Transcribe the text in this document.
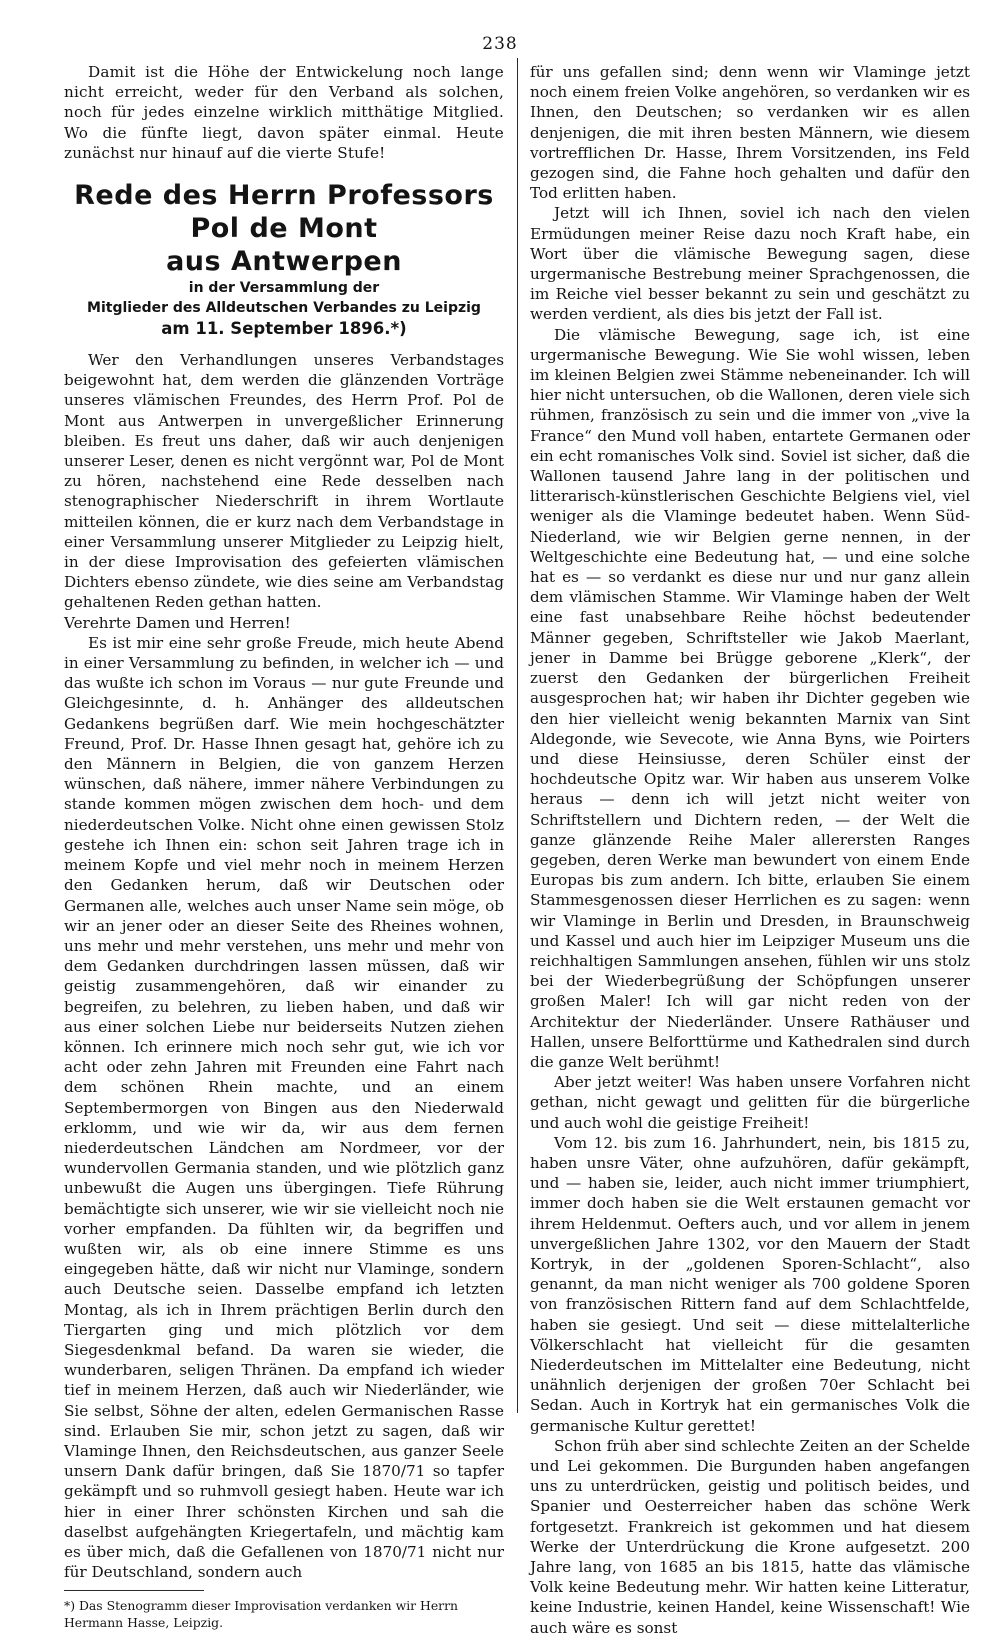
238

Damit ist die Höhe der Entwickelung noch lange nicht erreicht, weder für den Verband als solchen, noch für jedes einzelne wirklich mitthätige Mitglied. Wo die fünfte liegt, davon später einmal. Heute zunächst nur hinauf auf die vierte Stufe!

Rede des Herrn Professors Pol de Mont
aus Antwerpen
in der Versammlung der
Mitglieder des Alldeutschen Verbandes zu Leipzig
am 11. September 1896.*)

Wer den Verhandlungen unseres Verbandstages beigewohnt hat, dem werden die glänzenden Vorträge unseres vlämischen Freundes, des Herrn Prof. Pol de Mont aus Antwerpen in unvergeßlicher Erinnerung bleiben. Es freut uns daher, daß wir auch denjenigen unserer Leser, denen es nicht vergönnt war, Pol de Mont zu hören, nachstehend eine Rede desselben nach stenographischer Niederschrift in ihrem Wortlaute mitteilen können, die er kurz nach dem Verbandstage in einer Versammlung unserer Mitglieder zu Leipzig hielt, in der diese Improvisation des gefeierten vlämischen Dichters ebenso zündete, wie dies seine am Verbandstag gehaltenen Reden gethan hatten.

Verehrte Damen und Herren!

Es ist mir eine sehr große Freude, mich heute Abend in einer Versammlung zu befinden, in welcher ich — und das wußte ich schon im Voraus — nur gute Freunde und Gleichgesinnte, d. h. Anhänger des alldeutschen Gedankens begrüßen darf. Wie mein hochgeschätzter Freund, Prof. Dr. Hasse Ihnen gesagt hat, gehöre ich zu den Männern in Belgien, die von ganzem Herzen wünschen, daß nähere, immer nähere Verbindungen zu stande kommen mögen zwischen dem hoch- und dem niederdeutschen Volke. Nicht ohne einen gewissen Stolz gestehe ich Ihnen ein: schon seit Jahren trage ich in meinem Kopfe und viel mehr noch in meinem Herzen den Gedanken herum, daß wir Deutschen oder Germanen alle, welches auch unser Name sein möge, ob wir an jener oder an dieser Seite des Rheines wohnen, uns mehr und mehr verstehen, uns mehr und mehr von dem Gedanken durchdringen lassen müssen, daß wir geistig zusammengehören, daß wir einander zu begreifen, zu belehren, zu lieben haben, und daß wir aus einer solchen Liebe nur beiderseits Nutzen ziehen können. Ich erinnere mich noch sehr gut, wie ich vor acht oder zehn Jahren mit Freunden eine Fahrt nach dem schönen Rhein machte, und an einem Septembermorgen von Bingen aus den Niederwald erklomm, und wie wir da, wir aus dem fernen niederdeutschen Ländchen am Nordmeer, vor der wundervollen Germania standen, und wie plötzlich ganz unbewußt die Augen uns übergingen. Tiefe Rührung bemächtigte sich unserer, wie wir sie vielleicht noch nie vorher empfanden. Da fühlten wir, da begriffen und wußten wir, als ob eine innere Stimme es uns eingegeben hätte, daß wir nicht nur Vlaminge, sondern auch Deutsche seien. Dasselbe empfand ich letzten Montag, als ich in Ihrem prächtigen Berlin durch den Tiergarten ging und mich plötzlich vor dem Siegesdenkmal befand. Da waren sie wieder, die wunderbaren, seligen Thränen. Da empfand ich wieder tief in meinem Herzen, daß auch wir Niederländer, wie Sie selbst, Söhne der alten, edelen Germanischen Rasse sind. Erlauben Sie mir, schon jetzt zu sagen, daß wir Vlaminge Ihnen, den Reichsdeutschen, aus ganzer Seele unsern Dank dafür bringen, daß Sie 1870/71 so tapfer gekämpft und so ruhmvoll gesiegt haben. Heute war ich hier in einer Ihrer schönsten Kirchen und sah die daselbst aufgehängten Kriegertafeln, und mächtig kam es über mich, daß die Gefallenen von 1870/71 nicht nur für Deutschland, sondern auch

*) Das Stenogramm dieser Improvisation verdanken wir Herrn Hermann Hasse, Leipzig.

für uns gefallen sind; denn wenn wir Vlaminge jetzt noch einem freien Volke angehören, so verdanken wir es Ihnen, den Deutschen; so verdanken wir es allen denjenigen, die mit ihren besten Männern, wie diesem vortrefflichen Dr. Hasse, Ihrem Vorsitzenden, ins Feld gezogen sind, die Fahne hoch gehalten und dafür den Tod erlitten haben.

Jetzt will ich Ihnen, soviel ich nach den vielen Ermüdungen meiner Reise dazu noch Kraft habe, ein Wort über die vlämische Bewegung sagen, diese urgermanische Bestrebung meiner Sprachgenossen, die im Reiche viel besser bekannt zu sein und geschätzt zu werden verdient, als dies bis jetzt der Fall ist.

Die vlämische Bewegung, sage ich, ist eine urgermanische Bewegung. Wie Sie wohl wissen, leben im kleinen Belgien zwei Stämme nebeneinander. Ich will hier nicht untersuchen, ob die Wallonen, deren viele sich rühmen, französisch zu sein und die immer von „vive la France“ den Mund voll haben, entartete Germanen oder ein echt romanisches Volk sind. Soviel ist sicher, daß die Wallonen tausend Jahre lang in der politischen und litterarisch-künstlerischen Geschichte Belgiens viel, viel weniger als die Vlaminge bedeutet haben. Wenn Süd-Niederland, wie wir Belgien gerne nennen, in der Weltgeschichte eine Bedeutung hat, — und eine solche hat es — so verdankt es diese nur und nur ganz allein dem vlämischen Stamme. Wir Vlaminge haben der Welt eine fast unabsehbare Reihe höchst bedeutender Männer gegeben, Schriftsteller wie Jakob Maerlant, jener in Damme bei Brügge geborene „Klerk“, der zuerst den Gedanken der bürgerlichen Freiheit ausgesprochen hat; wir haben ihr Dichter gegeben wie den hier vielleicht wenig bekannten Marnix van Sint Aldegonde, wie Sevecote, wie Anna Byns, wie Poirters und diese Heinsiusse, deren Schüler einst der hochdeutsche Opitz war. Wir haben aus unserem Volke heraus — denn ich will jetzt nicht weiter von Schriftstellern und Dichtern reden, — der Welt die ganze glänzende Reihe Maler allerersten Ranges gegeben, deren Werke man bewundert von einem Ende Europas bis zum andern. Ich bitte, erlauben Sie einem Stammesgenossen dieser Herrlichen es zu sagen: wenn wir Vlaminge in Berlin und Dresden, in Braunschweig und Kassel und auch hier im Leipziger Museum uns die reichhaltigen Sammlungen ansehen, fühlen wir uns stolz bei der Wiederbegrüßung der Schöpfungen unserer großen Maler! Ich will gar nicht reden von der Architektur der Niederländer. Unsere Rathäuser und Hallen, unsere Belforttürme und Kathedralen sind durch die ganze Welt berühmt!

Aber jetzt weiter! Was haben unsere Vorfahren nicht gethan, nicht gewagt und gelitten für die bürgerliche und auch wohl die geistige Freiheit!

Vom 12. bis zum 16. Jahrhundert, nein, bis 1815 zu, haben unsre Väter, ohne aufzuhören, dafür gekämpft, und — haben sie, leider, auch nicht immer triumphiert, immer doch haben sie die Welt erstaunen gemacht vor ihrem Heldenmut. Oefters auch, und vor allem in jenem unvergeßlichen Jahre 1302, vor den Mauern der Stadt Kortryk, in der „goldenen Sporen-Schlacht“, also genannt, da man nicht weniger als 700 goldene Sporen von französischen Rittern fand auf dem Schlachtfelde, haben sie gesiegt. Und seit — diese mittelalterliche Völkerschlacht hat vielleicht für die gesamten Niederdeutschen im Mittelalter eine Bedeutung, nicht unähnlich derjenigen der großen 70er Schlacht bei Sedan. Auch in Kortryk hat ein germanisches Volk die germanische Kultur gerettet!

Schon früh aber sind schlechte Zeiten an der Schelde und Lei gekommen. Die Burgunden haben angefangen uns zu unterdrücken, geistig und politisch beides, und Spanier und Oesterreicher haben das schöne Werk fortgesetzt. Frankreich ist gekommen und hat diesem Werke der Unterdrückung die Krone aufgesetzt. 200 Jahre lang, von 1685 an bis 1815, hatte das vlämische Volk keine Bedeutung mehr. Wir hatten keine Litteratur, keine Industrie, keinen Handel, keine Wissenschaft! Wie auch wäre es sonst
